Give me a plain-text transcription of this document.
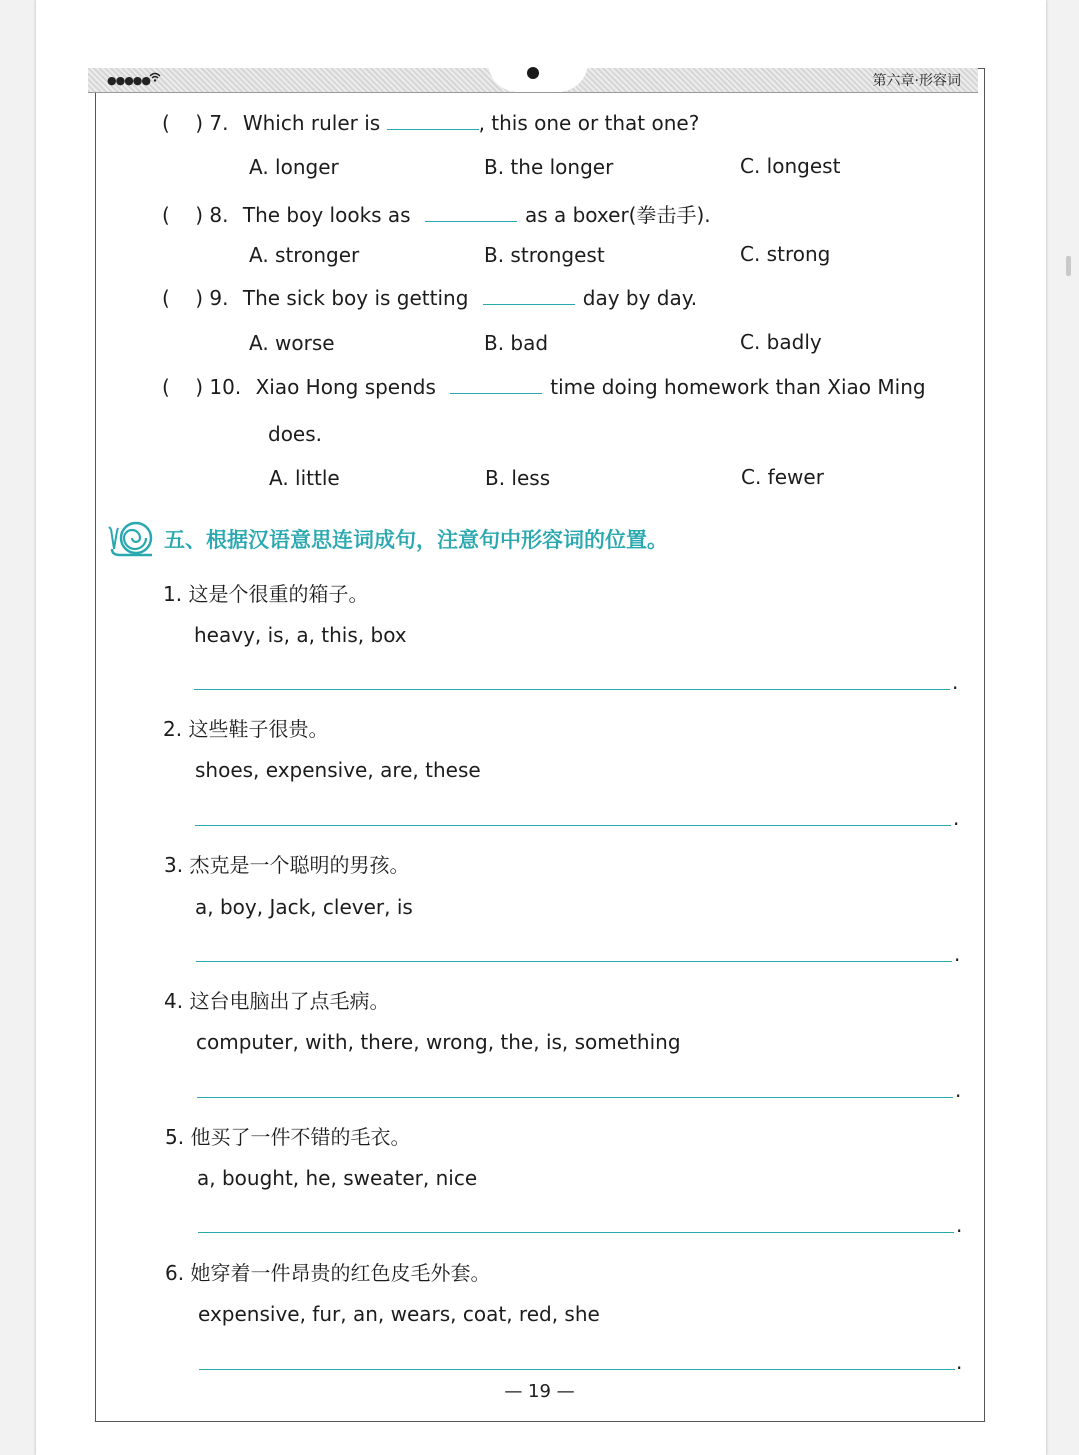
●●●●●	第六章·形容词
(    ) 7. Which ruler is	, this one or that one?
A. longer	B. the longer	C. longest
(    ) 8. The boy looks as	as a boxer(拳击手).
A. stronger	B. strongest	C. strong
(    ) 9. The sick boy is getting	day by day.
A. worse	B. bad	C. badly
(    ) 10. Xiao Hong spends	time doing homework than Xiao Ming
does.
A. little	B. less	C. fewer
五、根据汉语意思连词成句，注意句中形容词的位置。
1. 这是个很重的箱子。
heavy, is, a, this, box
.
2. 这些鞋子很贵。
shoes, expensive, are, these
.
3. 杰克是一个聪明的男孩。
a, boy, Jack, clever, is
.
4. 这台电脑出了点毛病。
computer, with, there, wrong, the, is, something
.
5. 他买了一件不错的毛衣。
a, bought, he, sweater, nice
.
6. 她穿着一件昂贵的红色皮毛外套。
expensive, fur, an, wears, coat, red, she
.
— 19 —
